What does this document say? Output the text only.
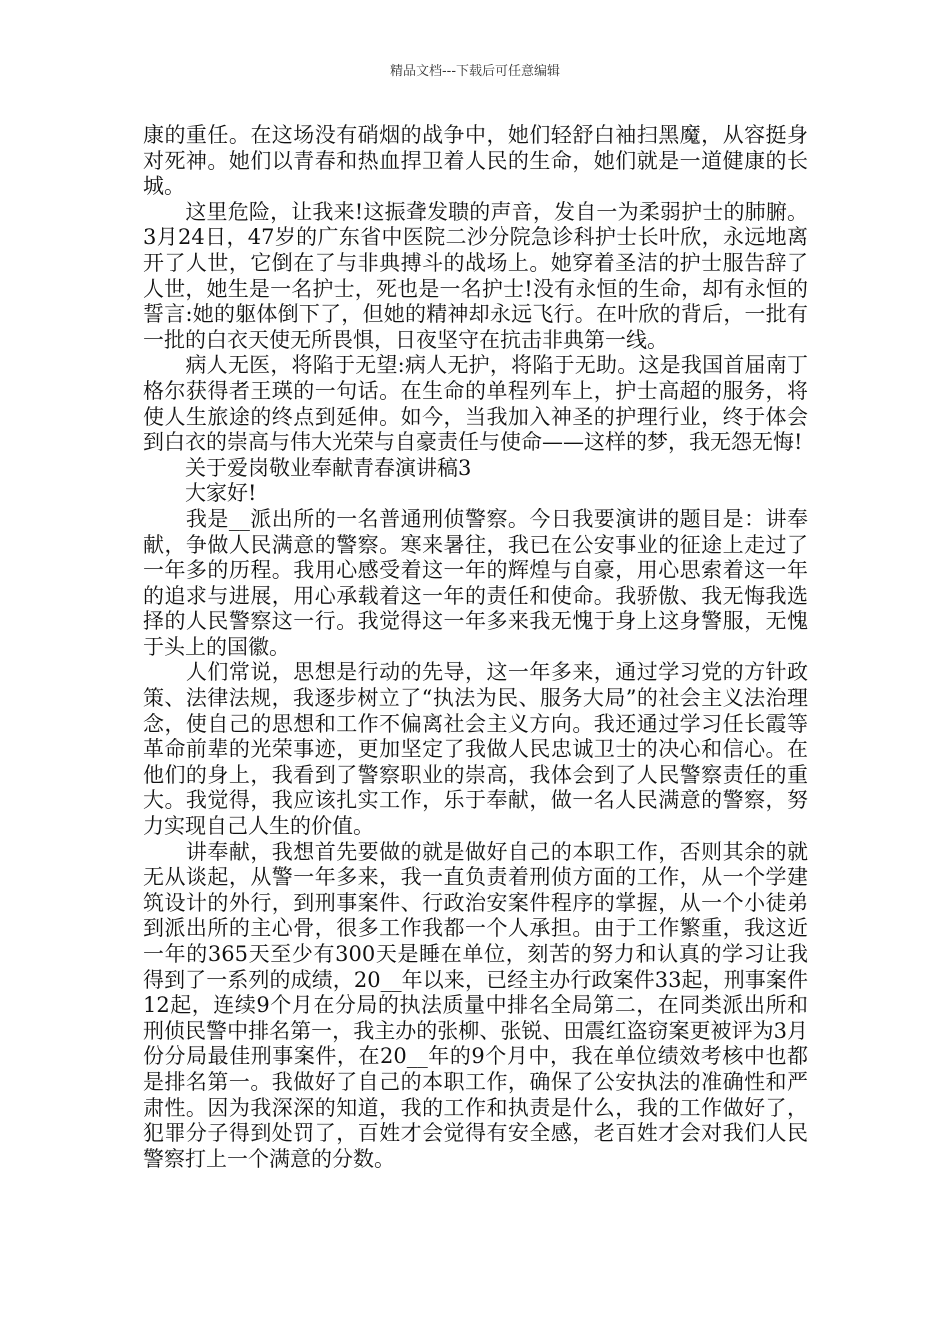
精品文档---下载后可任意编辑

康的重任。在这场没有硝烟的战争中，她们轻舒白袖扫黑魔，从容挺身对死神。她们以青春和热血捍卫着人民的生命，她们就是一道健康的长城。

　　这里危险，让我来!这振聋发聩的声音，发自一为柔弱护士的肺腑。3月24日，47岁的广东省中医院二沙分院急诊科护士长叶欣，永远地离开了人世，它倒在了与非典搏斗的战场上。她穿着圣洁的护士服告辞了人世，她生是一名护士，死也是一名护士!没有永恒的生命，却有永恒的誓言:她的躯体倒下了，但她的精神却永远飞行。在叶欣的背后，一批有一批的白衣天使无所畏惧，日夜坚守在抗击非典第一线。

　　病人无医，将陷于无望:病人无护，将陷于无助。这是我国首届南丁格尔获得者王瑛的一句话。在生命的单程列车上，护士高超的服务，将使人生旅途的终点到延伸。如今，当我加入神圣的护理行业，终于体会到白衣的崇高与伟大光荣与自豪责任与使命——这样的梦，我无怨无悔!

　　关于爱岗敬业奉献青春演讲稿3

　　大家好!

　　我是__派出所的一名普通刑侦警察。今日我要演讲的题目是：讲奉献，争做人民满意的警察。寒来暑往，我已在公安事业的征途上走过了一年多的历程。我用心感受着这一年的辉煌与自豪，用心思索着这一年的追求与进展，用心承载着这一年的责任和使命。我骄傲、我无悔我选择的人民警察这一行。我觉得这一年多来我无愧于身上这身警服，无愧于头上的国徽。

　　人们常说，思想是行动的先导，这一年多来，通过学习党的方针政策、法律法规，我逐步树立了“执法为民、服务大局”的社会主义法治理念，使自己的思想和工作不偏离社会主义方向。我还通过学习任长霞等革命前辈的光荣事迹，更加坚定了我做人民忠诚卫士的决心和信心。在他们的身上，我看到了警察职业的崇高，我体会到了人民警察责任的重大。我觉得，我应该扎实工作，乐于奉献，做一名人民满意的警察，努力实现自己人生的价值。

　　讲奉献，我想首先要做的就是做好自己的本职工作，否则其余的就无从谈起，从警一年多来，我一直负责着刑侦方面的工作，从一个学建筑设计的外行，到刑事案件、行政治安案件程序的掌握，从一个小徒弟到派出所的主心骨，很多工作我都一个人承担。由于工作繁重，我这近一年的365天至少有300天是睡在单位，刻苦的努力和认真的学习让我得到了一系列的成绩，20__年以来，已经主办行政案件33起，刑事案件12起，连续9个月在分局的执法质量中排名全局第二，在同类派出所和刑侦民警中排名第一，我主办的张柳、张锐、田震红盗窃案更被评为3月份分局最佳刑事案件，在20__年的9个月中，我在单位绩效考核中也都是排名第一。我做好了自己的本职工作，确保了公安执法的准确性和严肃性。因为我深深的知道，我的工作和执责是什么，我的工作做好了，犯罪分子得到处罚了，百姓才会觉得有安全感，老百姓才会对我们人民警察打上一个满意的分数。
